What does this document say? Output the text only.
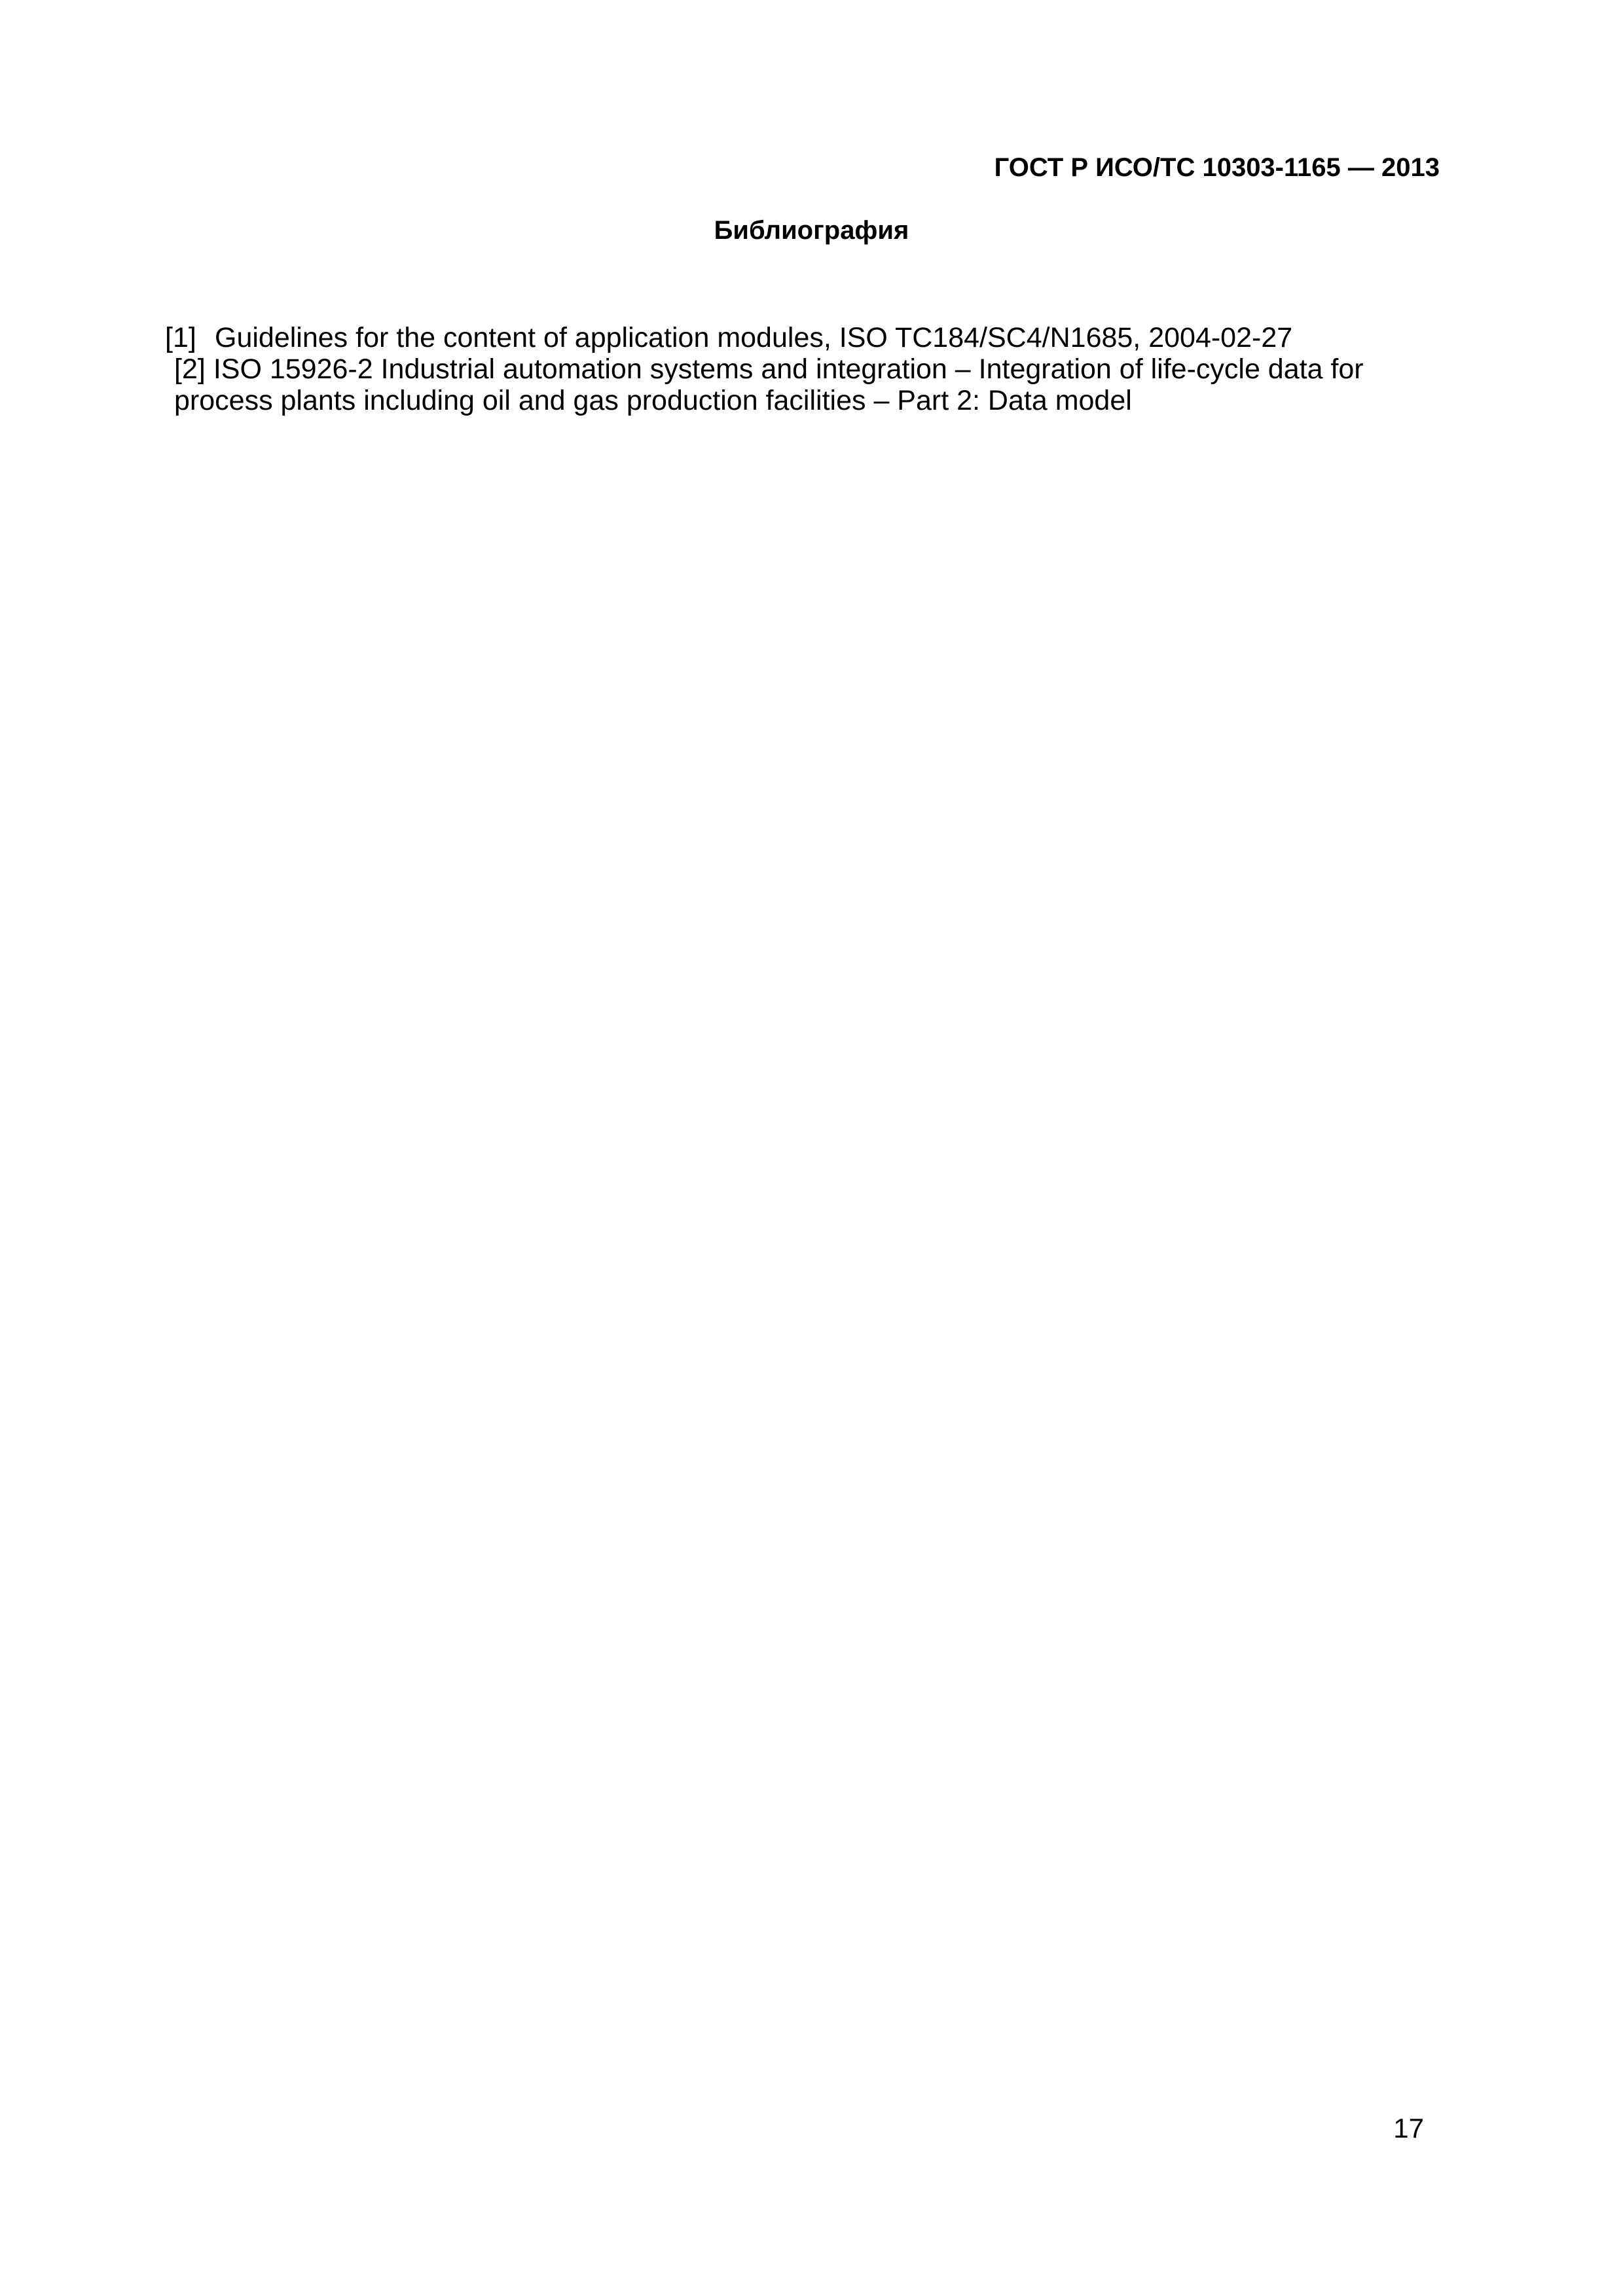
ГОСТ Р ИСО/ТС 10303-1165 — 2013
Библиография
[1] Guidelines for the content of application modules, ISO TC184/SC4/N1685, 2004-02-27
[2] ISO 15926-2 Industrial automation systems and integration – Integration of life-cycle data for process plants including oil and gas production facilities – Part 2: Data model
17
